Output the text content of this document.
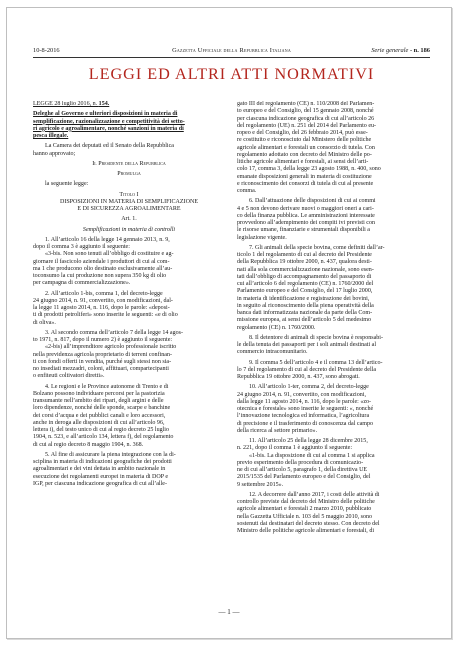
10-8-2016	Gazzetta Ufficiale della Repubblica Italiana	Serie generale - n. 186
LEGGI ED ALTRI ATTI NORMATIVI

LEGGE 28 luglio 2016, n. 154.

Deleghe al Governo e ulteriori disposizioni in materia di

semplificazione, razionalizzazione e competitività dei setto-

ri agricolo e agroalimentare, nonché sanzioni in materia di

pesca illegale.

La Camera dei deputati ed il Senato della Repubblica

hanno approvato;

Il Presidente della Repubblica

Promulga

la seguente legge:

Titolo I

DISPOSIZIONI IN MATERIA DI SEMPLIFICAZIONE

E DI SICUREZZA AGROALIMENTARE

Art. 1.

Semplificazioni in materia di controlli

1. All’articolo 16 della legge 14 gennaio 2013, n. 9,

dopo il comma 3 è aggiunto il seguente:

«3-bis. Non sono tenuti all’obbligo di costituire e ag-

giornare il fascicolo aziendale i produttori di cui al com-

ma 1 che producono olio destinato esclusivamente all’au-

toconsumo la cui produzione non supera 350 kg di olio

per campagna di commercializzazione».

2. All’articolo 1-bis, comma 1, del decreto-legge

24 giugno 2014, n. 91, convertito, con modificazioni, dal-

la legge 11 agosto 2014, n. 116, dopo le parole: «deposi-

ti di prodotti petroliferi» sono inserite le seguenti: «e di olio

di oliva».

3. Al secondo comma dell’articolo 7 della legge 14 agos-

to 1971, n. 817, dopo il numero 2) è aggiunto il seguente:

«2-bis) all’imprenditore agricolo professionale iscritto

nella previdenza agricola proprietario di terreni confinan-

ti con fondi offerti in vendita, purché sugli stessi non sia-

no insediati mezzadri, coloni, affittuari, compartecipanti

o enfiteuti coltivatori diretti».

4. Le regioni e le Province autonome di Trento e di

Bolzano possono individuare percorsi per la pastorizia

transumante nell’ambito dei ripari, degli argini e delle

loro dipendenze, nonché delle sponde, scarpe e banchine

dei corsi d’acqua e dei pubblici canali e loro accessori,

anche in deroga alle disposizioni di cui all’articolo 96,

lettera i), del testo unico di cui al regio decreto 25 luglio

1904, n. 523, e all’articolo 134, lettera f), del regolamento

di cui al regio decreto 8 maggio 1904, n. 368.

5. Al fine di assicurare la piena integrazione con la di-

sciplina in materia di indicazioni geografiche dei prodotti

agroalimentari e dei vini dettata in ambito nazionale in

esecuzione dei regolamenti europei in materia di DOP e

IGP, per ciascuna indicazione geografica di cui all’alle-

gato III del regolamento (CE) n. 110/2008 del Parlamen-

to europeo e del Consiglio, del 15 gennaio 2008, nonché

per ciascuna indicazione geografica di cui all’articolo 26

del regolamento (UE) n. 251 del 2014 del Parlamento eu-

ropeo e del Consiglio, del 26 febbraio 2014, può esse-

re costituito e riconosciuto dal Ministero delle politiche

agricole alimentari e forestali un consorzio di tutela. Con

regolamento adottato con decreto del Ministro delle po-

litiche agricole alimentari e forestali, ai sensi dell’arti-

colo 17, comma 3, della legge 23 agosto 1988, n. 400, sono

emanate disposizioni generali in materia di costituzione

e riconoscimento dei consorzi di tutela di cui al presente

comma.

6. Dall’attuazione delle disposizioni di cui ai commi

4 e 5 non devono derivare nuovi o maggiori oneri a cari-

co della finanza pubblica. Le amministrazioni interessate

provvedono all’adempimento dei compiti ivi previsti con

le risorse umane, finanziarie e strumentali disponibili a

legislazione vigente.

7. Gli animali della specie bovina, come definiti dall’ar-

ticolo 1 del regolamento di cui al decreto del Presidente

della Repubblica 19 ottobre 2000, n. 437, qualora desti-

nati alla sola commercializzazione nazionale, sono esen-

tati dall’obbligo di accompagnamento del passaporto di

cui all’articolo 6 del regolamento (CE) n. 1760/2000 del

Parlamento europeo e del Consiglio, del 17 luglio 2000,

in materia di identificazione e registrazione dei bovini,

in seguito al riconoscimento della piena operatività della

banca dati informatizzata nazionale da parte della Com-

missione europea, ai sensi dell’articolo 5 del medesimo

regolamento (CE) n. 1760/2000.

8. Il detentore di animali di specie bovina è responsabi-

le della tenuta dei passaporti per i soli animali destinati al

commercio intracomunitario.

9. Il comma 5 dell’articolo 4 e il comma 13 dell’artico-

lo 7 del regolamento di cui al decreto del Presidente della

Repubblica 19 ottobre 2000, n. 437, sono abrogati.

10. All’articolo 1-ter, comma 2, del decreto-legge

24 giugno 2014, n. 91, convertito, con modificazioni,

dalla legge 11 agosto 2014, n. 116, dopo le parole: «zo-

otecnica e forestale» sono inserite le seguenti: «, nonché

l’innovazione tecnologica ed informatica, l’agricoltura

di precisione e il trasferimento di conoscenza dal campo

della ricerca al settore primario».

11. All’articolo 25 della legge 28 dicembre 2015,

n. 221, dopo il comma 1 è aggiunto il seguente:

«1-bis. La disposizione di cui al comma 1 si applica

previo esperimento della procedura di comunicazio-

ne di cui all’articolo 5, paragrafo 1, della direttiva UE

2015/1535 del Parlamento europeo e del Consiglio, del

9 settembre 2015».

12. A decorrere dall’anno 2017, i costi delle attività di

controllo previste dal decreto del Ministro delle politiche

agricole alimentari e forestali 2 marzo 2010, pubblicato

nella Gazzetta Ufficiale n. 103 del 5 maggio 2010, sono

sostenuti dai destinatari del decreto stesso. Con decreto del

Ministro delle politiche agricole alimentari e forestali, di

— 1 —
